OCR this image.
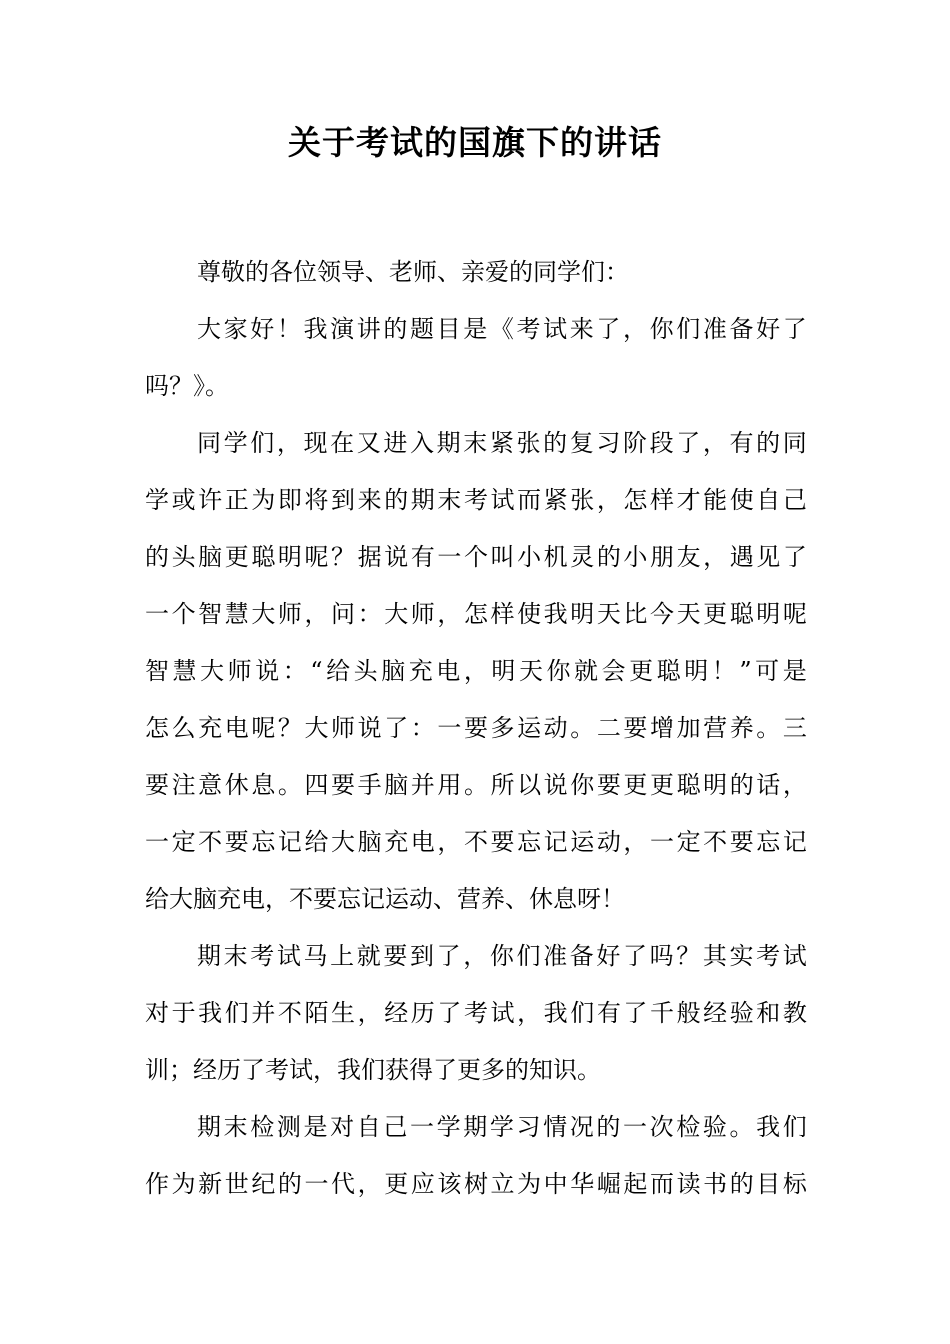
关于考试的国旗下的讲话
尊敬的各位领导、老师、亲爱的同学们：
大 家 好 ！ 我 演 讲 的 题 目 是 《 考 试 来 了 ， 你 们 准 备 好 了
吗？》。
同 学 们 ， 现 在 又 进 入 期 末 紧 张 的 复 习 阶 段 了 ， 有 的 同
学 或 许 正 为 即 将 到 来 的 期 末 考 试 而 紧 张 ， 怎 样 才 能 使 自 己
的 头 脑 更 聪 明 呢 ？ 据 说 有 一 个 叫 小 机 灵 的 小 朋 友 ， 遇 见 了
一 个 智 慧 大 师 ， 问 ： 大 师 ， 怎 样 使 我 明 天 比 今 天 更 聪 明 呢
智 慧 大 师 说 ： “ 给 头 脑 充 电 ， 明 天 你 就 会 更 聪 明 ！ ” 可 是
怎 么 充 电 呢 ？ 大 师 说 了 ： 一 要 多 运 动 。 二 要 增 加 营 养 。 三
要 注 意 休 息 。 四 要 手 脑 并 用 。 所 以 说 你 要 更 更 聪 明 的 话 ，
一 定 不 要 忘 记 给 大 脑 充 电 ， 不 要 忘 记 运 动 ， 一 定 不 要 忘 记
给大脑充电，不要忘记运动、营养、休息呀！
期 末 考 试 马 上 就 要 到 了 ， 你 们 准 备 好 了 吗 ？ 其 实 考 试
对 于 我 们 并 不 陌 生 ， 经 历 了 考 试 ， 我 们 有 了 千 般 经 验 和 教
训；经历了考试，我们获得了更多的知识。
期 末 检 测 是 对 自 己 一 学 期 学 习 情 况 的 一 次 检 验 。 我 们
作 为 新 世 纪 的 一 代 ， 更 应 该 树 立 为 中 华 崛 起 而 读 书 的 目 标
